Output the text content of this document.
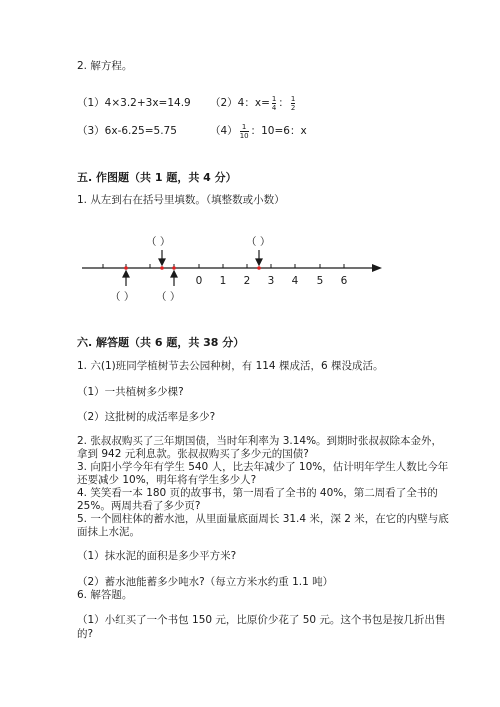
2. 解方程。
（1）4×3.2+3x=14.9 （2）4：$x= \frac{1}{4}$ ： $\frac{1}{2}$
（3）6x-6.25=5.75	$(4) \frac{1}{10}$ ：10=6：x
五. 作图题（共 1 题，共 4 分）
1. 从左到右在括号里填数。（填整数或小数）
（ ）	（ ）
（ ） （ ）
0 1 2 3 4 5 6
六. 解答题（共 6 题，共 38 分）
1. 六(1)班同学植树节去公园种树，有 114 棵成活，6 棵没成活。
（1）一共植树多少棵?
（2）这批树的成活率是多少?
2. 张叔叔购买了三年期国债，当时年利率为 3.14%。到期时张叔叔除本金外，
拿到 942 元利息款。张叔叔购买了多少元的国债?
3. 向阳小学今年有学生 540 人，比去年减少了 10%，估计明年学生人数比今年
还要减少 10%，明年将有学生多少人?
4. 笑笑看一本 180 页的故事书，第一周看了全书的 40%，第二周看了全书的
25%。两周共看了多少页?
5. 一个圆柱体的蓄水池，从里面量底面周长 31.4 米，深 2 米，在它的内壁与底
面抹上水泥。
（1）抹水泥的面积是多少平方米?
（2）蓄水池能蓄多少吨水?（每立方米水约重 1.1 吨）
6. 解答题。
（1）小红买了一个书包 150 元，比原价少花了 50 元。这个书包是按几折出售
的?
